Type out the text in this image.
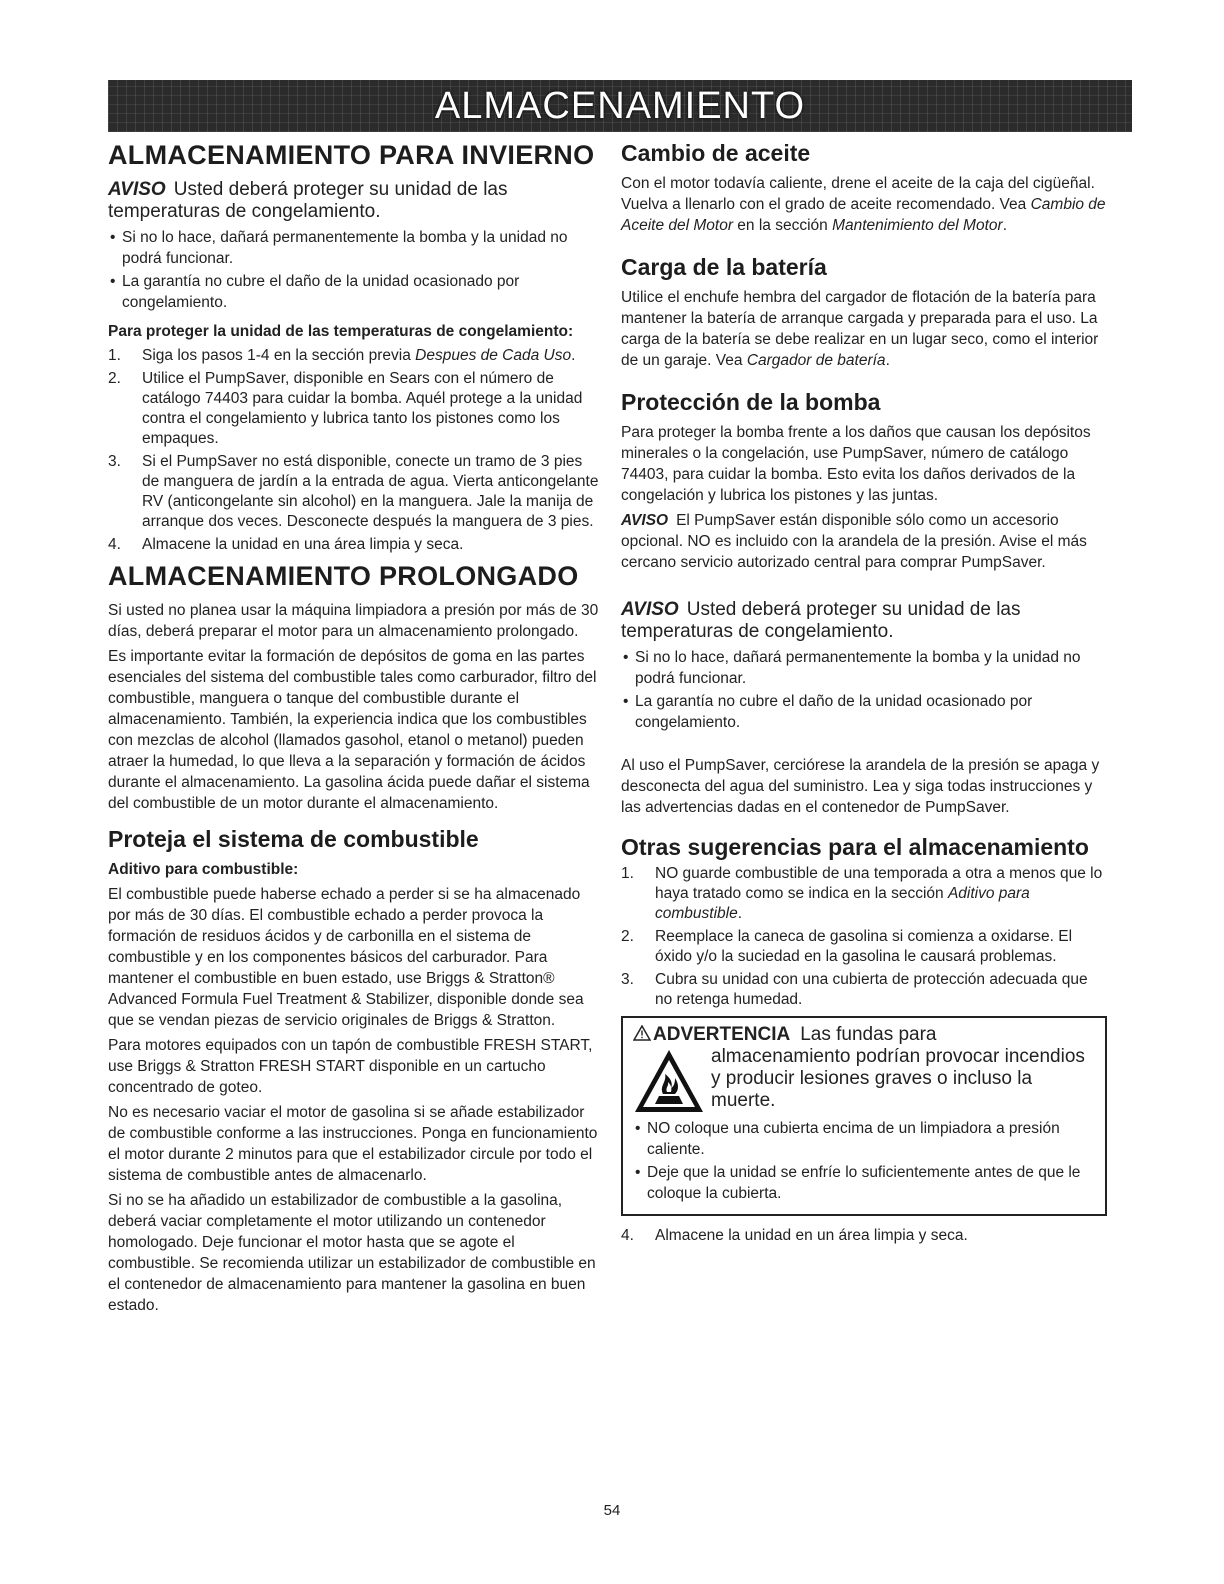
ALMACENAMIENTO
ALMACENAMIENTO PARA INVIERNO

AVISO Usted deberá proteger su unidad de las temperaturas de congelamiento.

• Si no lo hace, dañará permanentemente la bomba y la unidad no podrá funcionar.
• La garantía no cubre el daño de la unidad ocasionado por congelamiento.

Para proteger la unidad de las temperaturas de congelamiento:

1.	Siga los pasos 1-4 en la sección previa Despues de Cada Uso.
2.	Utilice el PumpSaver, disponible en Sears con el número de catálogo 74403 para cuidar la bomba. Aquél protege a la unidad contra el congelamiento y lubrica tanto los pistones como los empaques.
3.	Si el PumpSaver no está disponible, conecte un tramo de 3 pies de manguera de jardín a la entrada de agua. Vierta anticongelante RV (anticongelante sin alcohol) en la manguera. Jale la manija de arranque dos veces. Desconecte después la manguera de 3 pies.
4.	Almacene la unidad en una área limpia y seca.
ALMACENAMIENTO PROLONGADO

Si usted no planea usar la máquina limpiadora a presión por más de 30 días, deberá preparar el motor para un almacenamiento prolongado.

Es importante evitar la formación de depósitos de goma en las partes esenciales del sistema del combustible tales como carburador, filtro del combustible, manguera o tanque del combustible durante el almacenamiento. También, la experiencia indica que los combustibles con mezclas de alcohol (llamados gasohol, etanol o metanol) pueden atraer la humedad, lo que lleva a la separación y formación de ácidos durante el almacenamiento. La gasolina ácida puede dañar el sistema del combustible de un motor durante el almacenamiento.

Proteja el sistema de combustible

Aditivo para combustible:

El combustible puede haberse echado a perder si se ha almacenado por más de 30 días. El combustible echado a perder provoca la formación de residuos ácidos y de carbonilla en el sistema de combustible y en los componentes básicos del carburador. Para mantener el combustible en buen estado, use Briggs & Stratton® Advanced Formula Fuel Treatment & Stabilizer, disponible donde sea que se vendan piezas de servicio originales de Briggs & Stratton.

Para motores equipados con un tapón de combustible FRESH START, use Briggs & Stratton FRESH START disponible en un cartucho concentrado de goteo.

No es necesario vaciar el motor de gasolina si se añade estabilizador de combustible conforme a las instrucciones. Ponga en funcionamiento el motor durante 2 minutos para que el estabilizador circule por todo el sistema de combustible antes de almacenarlo.

Si no se ha añadido un estabilizador de combustible a la gasolina, deberá vaciar completamente el motor utilizando un contenedor homologado. Deje funcionar el motor hasta que se agote el combustible. Se recomienda utilizar un estabilizador de combustible en el contenedor de almacenamiento para mantener la gasolina en buen estado.

Cambio de aceite

Con el motor todavía caliente, drene el aceite de la caja del cigüeñal. Vuelva a llenarlo con el grado de aceite recomendado. Vea Cambio de Aceite del Motor en la sección Mantenimiento del Motor.

Carga de la batería

Utilice el enchufe hembra del cargador de flotación de la batería para mantener la batería de arranque cargada y preparada para el uso. La carga de la batería se debe realizar en un lugar seco, como el interior de un garaje. Vea Cargador de batería.

Protección de la bomba

Para proteger la bomba frente a los daños que causan los depósitos minerales o la congelación, use PumpSaver, número de catálogo 74403, para cuidar la bomba. Esto evita los daños derivados de la congelación y lubrica los pistones y las juntas.

AVISO El PumpSaver están disponible sólo como un accesorio opcional. NO es incluido con la arandela de la presión. Avise el más cercano servicio autorizado central para comprar PumpSaver.

AVISO Usted deberá proteger su unidad de las temperaturas de congelamiento.

• Si no lo hace, dañará permanentemente la bomba y la unidad no podrá funcionar.
• La garantía no cubre el daño de la unidad ocasionado por congelamiento.

Al uso el PumpSaver, cerciórese la arandela de la presión se apaga y desconecta del agua del suministro. Lea y siga todas instrucciones y las advertencias dadas en el contenedor de PumpSaver.

Otras sugerencias para el almacenamiento
1.	NO guarde combustible de una temporada a otra a menos que lo haya tratado como se indica en la sección Aditivo para combustible.
2.	Reemplace la caneca de gasolina si comienza a oxidarse. El óxido y/o la suciedad en la gasolina le causará problemas.
3.	Cubra su unidad con una cubierta de protección adecuada que no retenga humedad.
ADVERTENCIA Las fundas para
almacenamiento podrían provocar incendios y producir lesiones graves o incluso la muerte.
• NO coloque una cubierta encima de un limpiadora a presión caliente.
• Deje que la unidad se enfríe lo suficientemente antes de que le coloque la cubierta.
4.	Almacene la unidad en un área limpia y seca.
54
